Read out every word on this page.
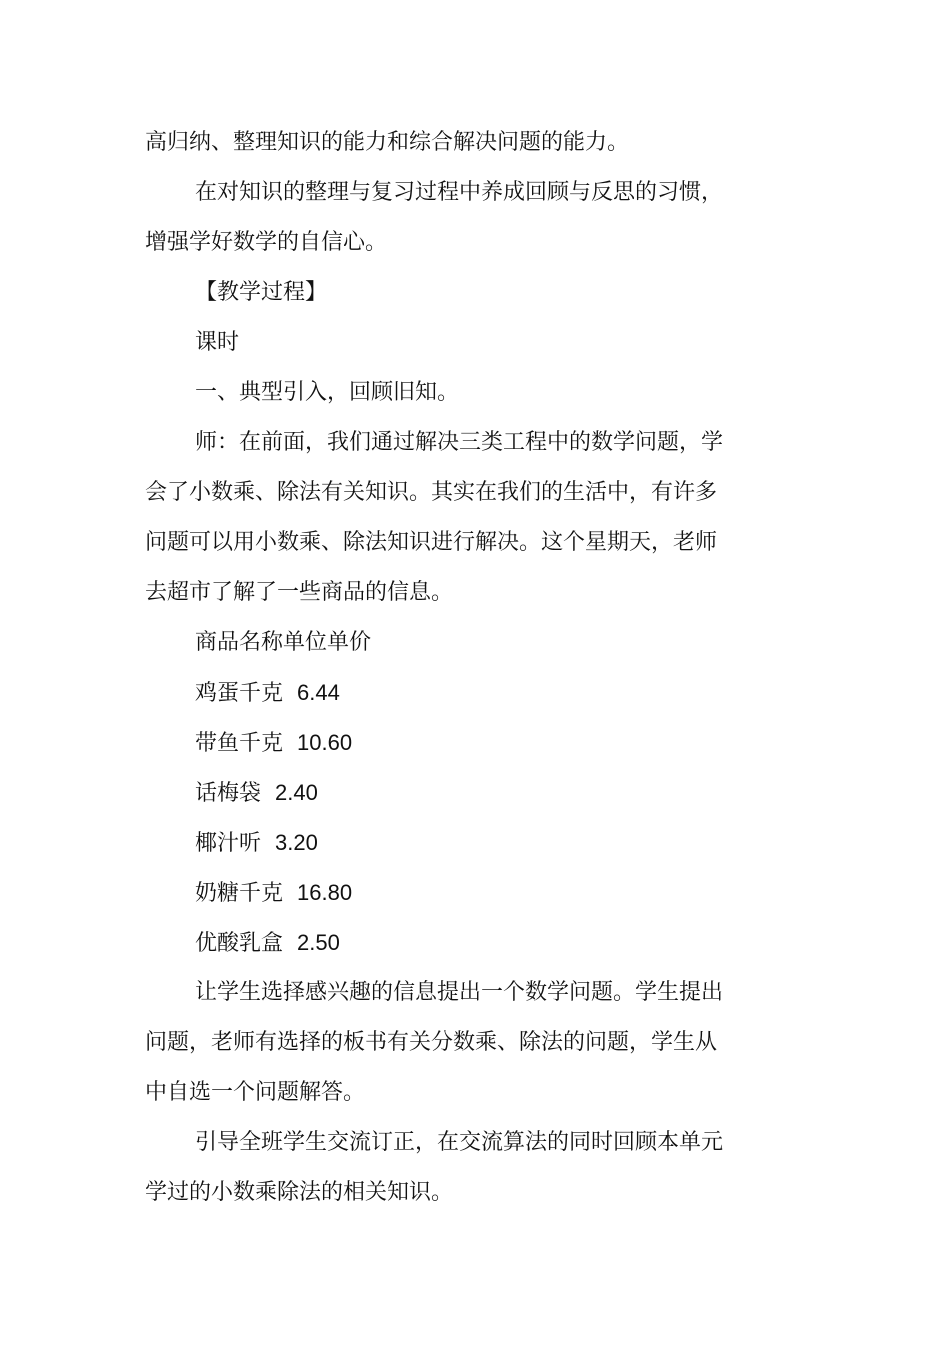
高归纳、整理知识的能力和综合解决问题的能力。
在对知识的整理与复习过程中养成回顾与反思的习惯，
增强学好数学的自信心。
【教学过程】
课时
一、典型引入，回顾旧知。
师：在前面，我们通过解决三类工程中的数学问题，学
会了小数乘、除法有关知识。其实在我们的生活中，有许多
问题可以用小数乘、除法知识进行解决。这个星期天，老师
去超市了解了一些商品的信息。
商品名称单位单价
鸡蛋千克 6.44
带鱼千克 10.60
话梅袋 2.40
椰汁听 3.20
奶糖千克 16.80
优酸乳盒 2.50
让学生选择感兴趣的信息提出一个数学问题。学生提出
问题，老师有选择的板书有关分数乘、除法的问题，学生从
中自选一个问题解答。
引导全班学生交流订正，在交流算法的同时回顾本单元
学过的小数乘除法的相关知识。
